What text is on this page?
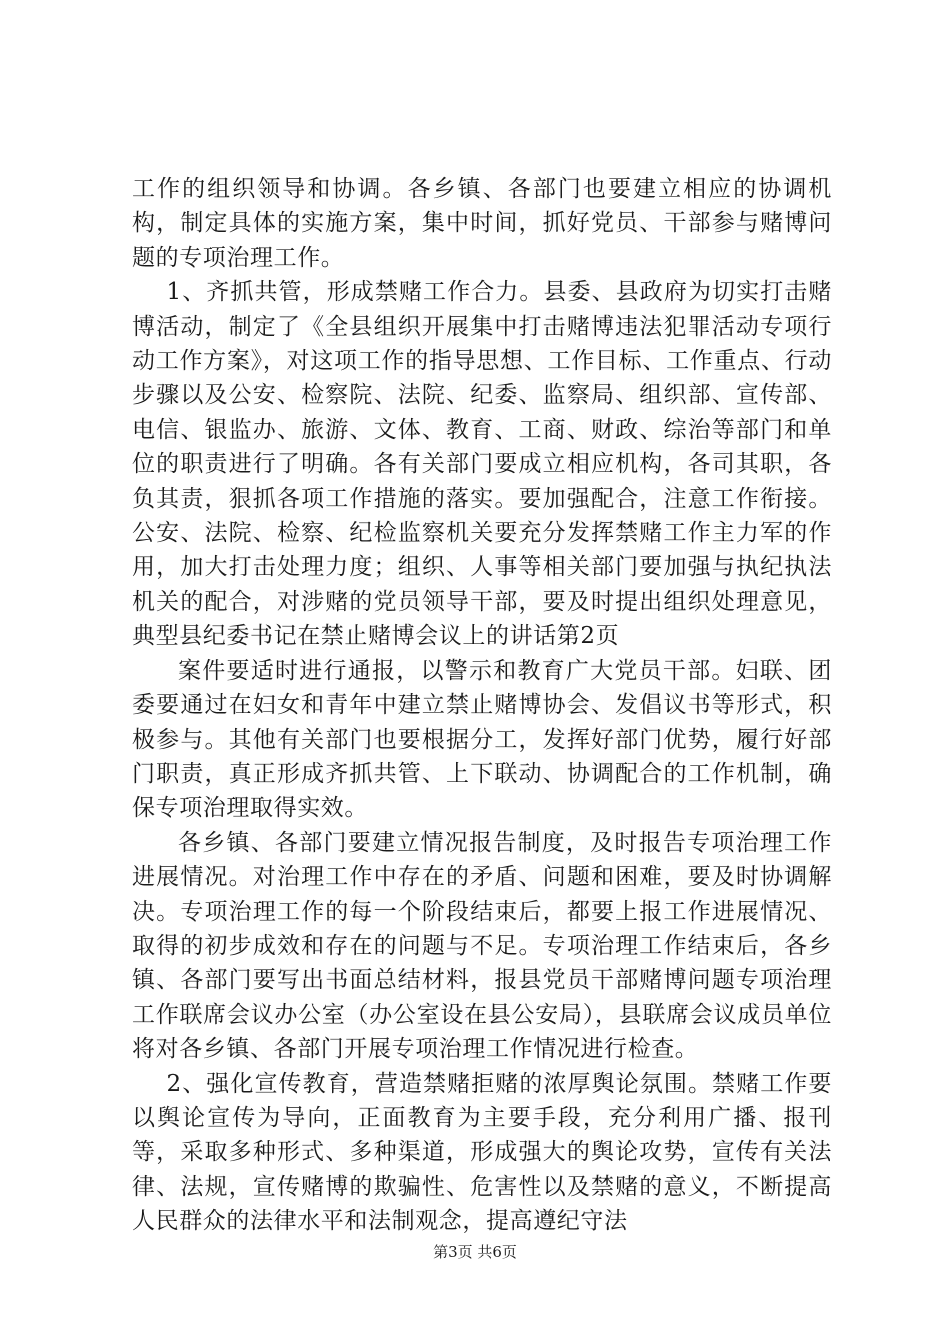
工作的组织领导和协调。各乡镇、各部门也要建立相应的协调机构，制定具体的实施方案，集中时间，抓好党员、干部参与赌博问题的专项治理工作。

1、齐抓共管，形成禁赌工作合力。县委、县政府为切实打击赌博活动，制定了《全县组织开展集中打击赌博违法犯罪活动专项行动工作方案》，对这项工作的指导思想、工作目标、工作重点、行动步骤以及公安、检察院、法院、纪委、监察局、组织部、宣传部、电信、银监办、旅游、文体、教育、工商、财政、综治等部门和单位的职责进行了明确。各有关部门要成立相应机构，各司其职，各负其责，狠抓各项工作措施的落实。要加强配合，注意工作衔接。公安、法院、检察、纪检监察机关要充分发挥禁赌工作主力军的作用，加大打击处理力度；组织、人事等相关部门要加强与执纪执法机关的配合，对涉赌的党员领导干部，要及时提出组织处理意见，典型县纪委书记在禁止赌博会议上的讲话第2页

案件要适时进行通报，以警示和教育广大党员干部。妇联、团委要通过在妇女和青年中建立禁止赌博协会、发倡议书等形式，积极参与。其他有关部门也要根据分工，发挥好部门优势，履行好部门职责，真正形成齐抓共管、上下联动、协调配合的工作机制，确保专项治理取得实效。

各乡镇、各部门要建立情况报告制度，及时报告专项治理工作进展情况。对治理工作中存在的矛盾、问题和困难，要及时协调解决。专项治理工作的每一个阶段结束后，都要上报工作进展情况、取得的初步成效和存在的问题与不足。专项治理工作结束后，各乡镇、各部门要写出书面总结材料，报县党员干部赌博问题专项治理工作联席会议办公室（办公室设在县公安局），县联席会议成员单位将对各乡镇、各部门开展专项治理工作情况进行检查。

2、强化宣传教育，营造禁赌拒赌的浓厚舆论氛围。禁赌工作要以舆论宣传为导向，正面教育为主要手段，充分利用广播、报刊等，采取多种形式、多种渠道，形成强大的舆论攻势，宣传有关法律、法规，宣传赌博的欺骗性、危害性以及禁赌的意义，不断提高人民群众的法律水平和法制观念，提高遵纪守法

第3页 共6页
